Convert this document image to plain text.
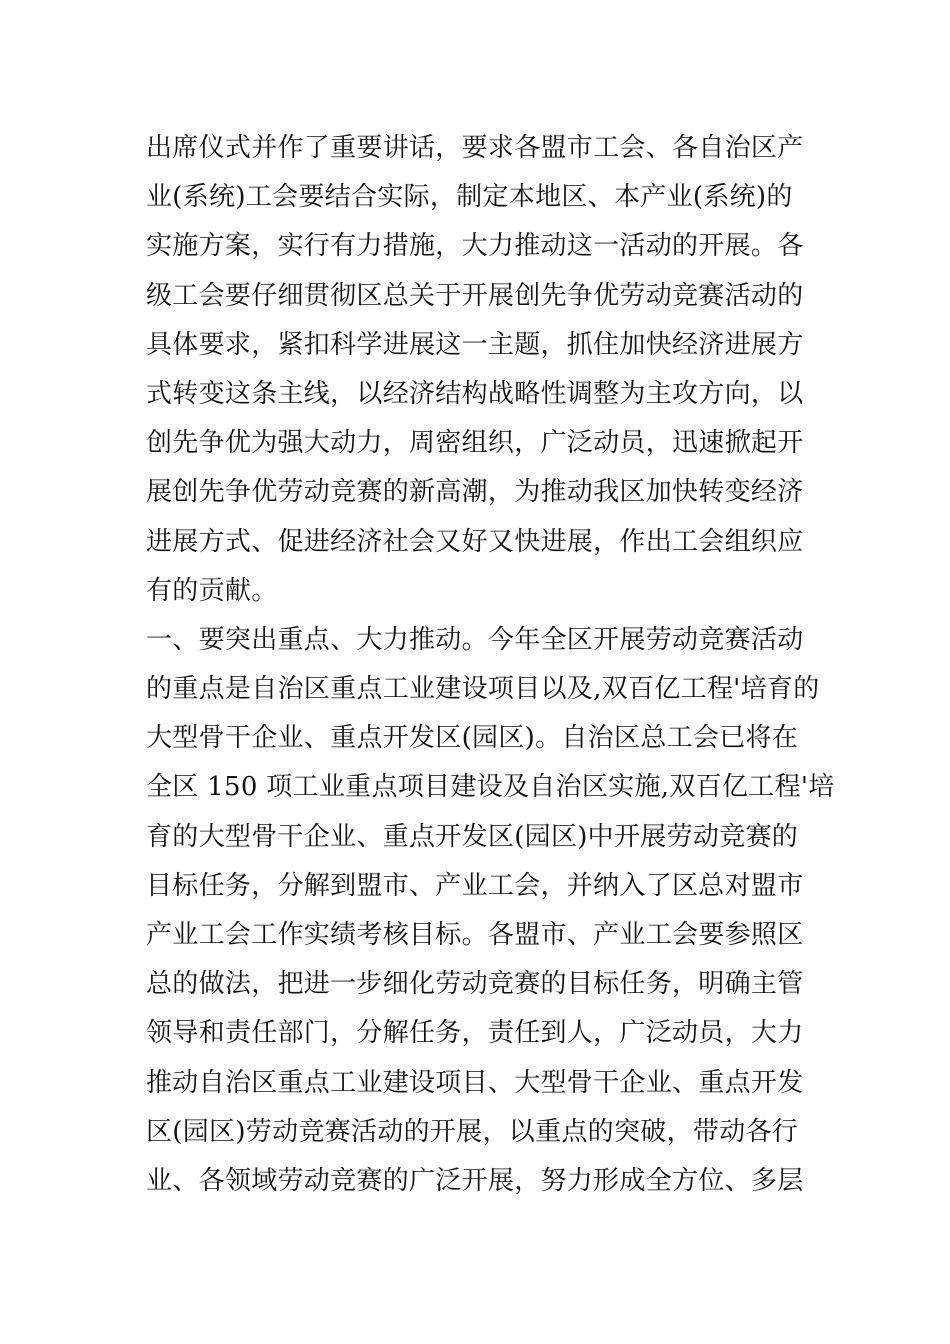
出席仪式并作了重要讲话，要求各盟市工会、各自治区产
业(系统)工会要结合实际，制定本地区、本产业(系统)的
实施方案，实行有力措施，大力推动这一活动的开展。各
级工会要仔细贯彻区总关于开展创先争优劳动竞赛活动的
具体要求，紧扣科学进展这一主题，抓住加快经济进展方
式转变这条主线，以经济结构战略性调整为主攻方向，以
创先争优为强大动力，周密组织，广泛动员，迅速掀起开
展创先争优劳动竞赛的新高潮，为推动我区加快转变经济
进展方式、促进经济社会又好又快进展，作出工会组织应
有的贡献。
一、要突出重点、大力推动。今年全区开展劳动竞赛活动
的重点是自治区重点工业建设项目以及,双百亿工程'培育的
大型骨干企业、重点开发区(园区)。自治区总工会已将在
全区 150 项工业重点项目建设及自治区实施,双百亿工程'培
育的大型骨干企业、重点开发区(园区)中开展劳动竞赛的
目标任务，分解到盟市、产业工会，并纳入了区总对盟市
产业工会工作实绩考核目标。各盟市、产业工会要参照区
总的做法，把进一步细化劳动竞赛的目标任务，明确主管
领导和责任部门，分解任务，责任到人，广泛动员，大力
推动自治区重点工业建设项目、大型骨干企业、重点开发
区(园区)劳动竞赛活动的开展，以重点的突破，带动各行
业、各领域劳动竞赛的广泛开展，努力形成全方位、多层
